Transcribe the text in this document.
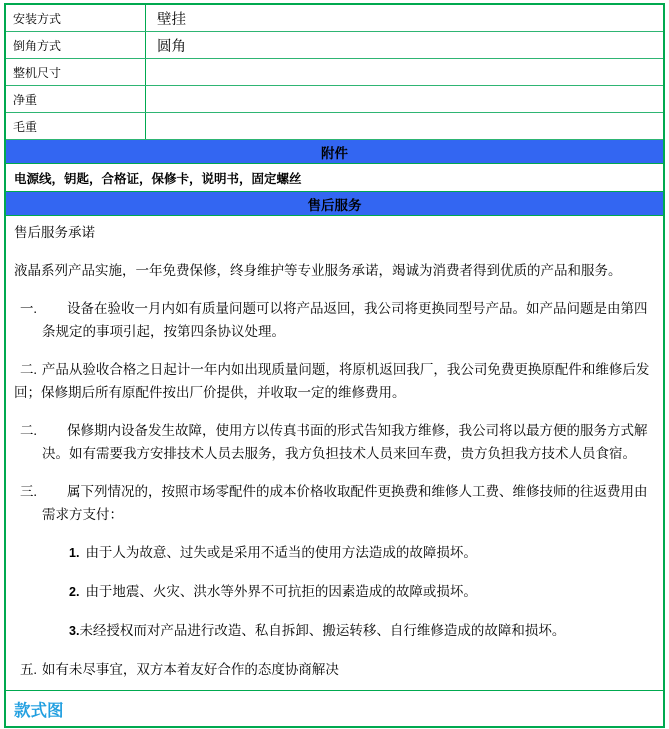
安装方式	壁挂
倒角方式	圆角
整机尺寸
净重
毛重
附件
电源线，钥匙，合格证，保修卡，说明书，固定螺丝
售后服务
售后服务承诺
液晶系列产品实施，一年免费保修，终身维护等专业服务承诺，竭诚为消费者得到优质的产品和服务。
一.	设备在验收一月内如有质量问题可以将产品返回，我公司将更换同型号产品。如产品问题是由第四条规定的事项引起，按第四条协议处理。
二. 产品从验收合格之日起计一年内如出现质量问题，将原机返回我厂，我公司免费更换原配件和维修后发回；保修期后所有原配件按出厂价提供，并收取一定的维修费用。
二.	保修期内设备发生故障，使用方以传真书面的形式告知我方维修，我公司将以最方便的服务方式解决。如有需要我方安排技术人员去服务，我方负担技术人员来回车费，贵方负担我方技术人员食宿。
三.	属下列情况的，按照市场零配件的成本价格收取配件更换费和维修人工费、维修技师的往返费用由需求方支付：
1. 由于人为故意、过失或是采用不适当的使用方法造成的故障损坏。
2. 由于地震、火灾、洪水等外界不可抗拒的因素造成的故障或损坏。
3.未经授权而对产品进行改造、私自拆卸、搬运转移、自行维修造成的故障和损坏。
五. 如有未尽事宜，双方本着友好合作的态度协商解决
款式图
